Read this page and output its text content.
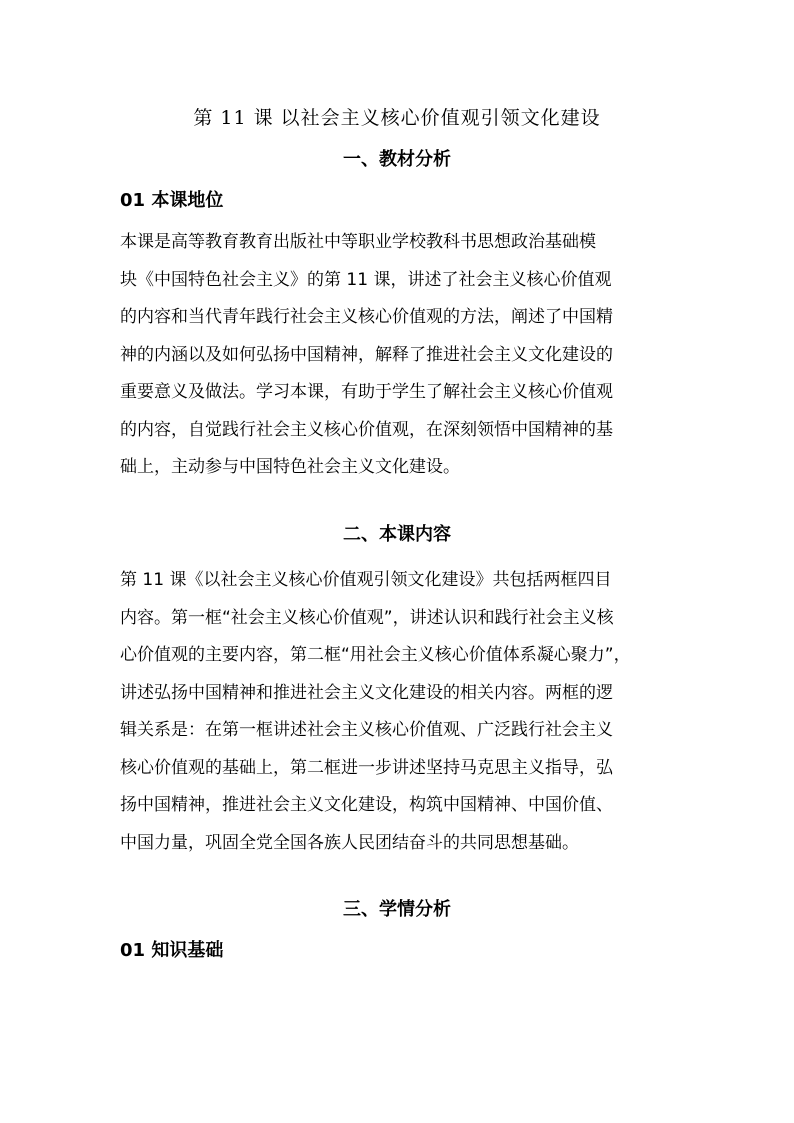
第 11 课 以社会主义核心价值观引领文化建设
一、教材分析
01 本课地位
本课是高等教育教育出版社中等职业学校教科书思想政治基础模
块《中国特色社会主义》的第 11 课，讲述了社会主义核心价值观
的内容和当代青年践行社会主义核心价值观的方法，阐述了中国精
神的内涵以及如何弘扬中国精神，解释了推进社会主义文化建设的
重要意义及做法。学习本课，有助于学生了解社会主义核心价值观
的内容，自觉践行社会主义核心价值观，在深刻领悟中国精神的基
础上，主动参与中国特色社会主义文化建设。
二、本课内容
第 11 课《以社会主义核心价值观引领文化建设》共包括两框四目
内容。第一框“社会主义核心价值观”，讲述认识和践行社会主义核
心价值观的主要内容，第二框“用社会主义核心价值体系凝心聚力”，
讲述弘扬中国精神和推进社会主义文化建设的相关内容。两框的逻
辑关系是：在第一框讲述社会主义核心价值观、广泛践行社会主义
核心价值观的基础上，第二框进一步讲述坚持马克思主义指导，弘
扬中国精神，推进社会主义文化建设，构筑中国精神、中国价值、
中国力量，巩固全党全国各族人民团结奋斗的共同思想基础。
三、学情分析
01 知识基础
